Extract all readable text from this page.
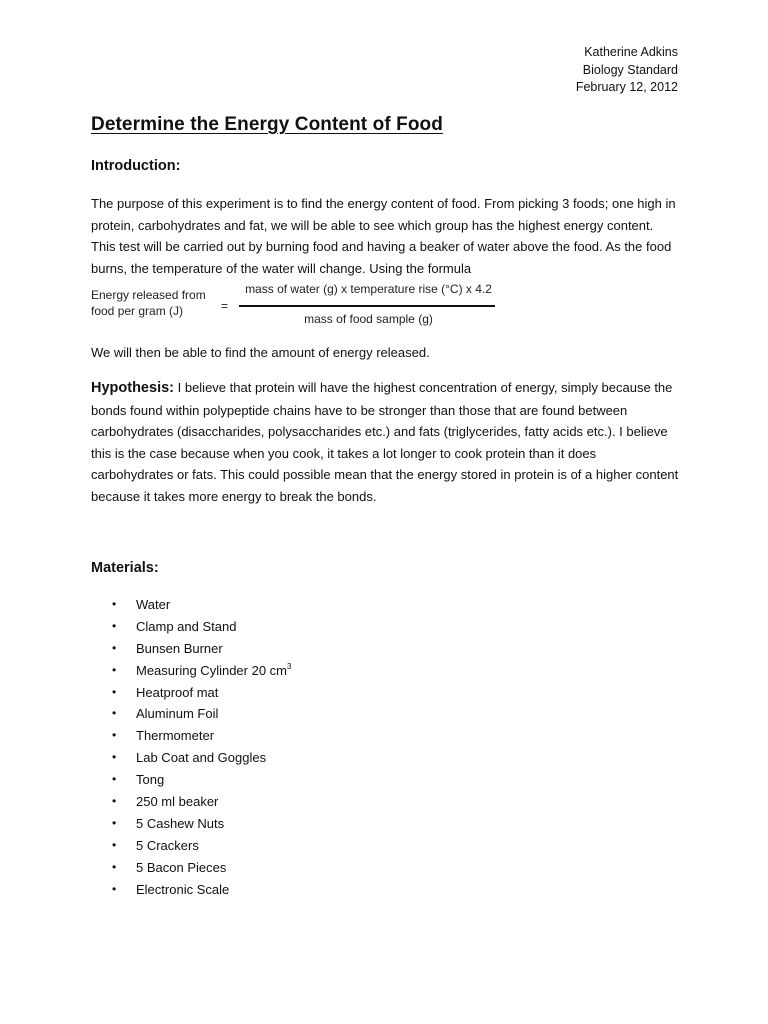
Katherine Adkins
Biology Standard
February 12, 2012
Determine the Energy Content of Food
Introduction:

The purpose of this experiment is to find the energy content of food. From picking 3 foods; one high in protein, carbohydrates and fat, we will be able to see which group has the highest energy content. This test will be carried out by burning food and having a beaker of water above the food. As the food burns, the temperature of the water will change. Using the formula

Energy released from
food per gram (J)	=
mass of water (g) x temperature rise (°C) x 4.2
mass of food sample (g)

We will then be able to find the amount of energy released.

Hypothesis: I believe that protein will have the highest concentration of energy, simply because the bonds found within polypeptide chains have to be stronger than those that are found between carbohydrates (disaccharides, polysaccharides etc.) and fats (triglycerides, fatty acids etc.). I believe this is the case because when you cook, it takes a lot longer to cook protein than it does carbohydrates or fats. This could possible mean that the energy stored in protein is of a higher content because it takes more energy to break the bonds.

Materials:
• Water
• Clamp and Stand
• Bunsen Burner
• Measuring Cylinder 20 $cm^3$
• Heatproof mat
• Aluminum Foil
• Thermometer
• Lab Coat and Goggles
• Tong
• 250 ml beaker
• 5 Cashew Nuts
• 5 Crackers
• 5 Bacon Pieces
• Electronic Scale
